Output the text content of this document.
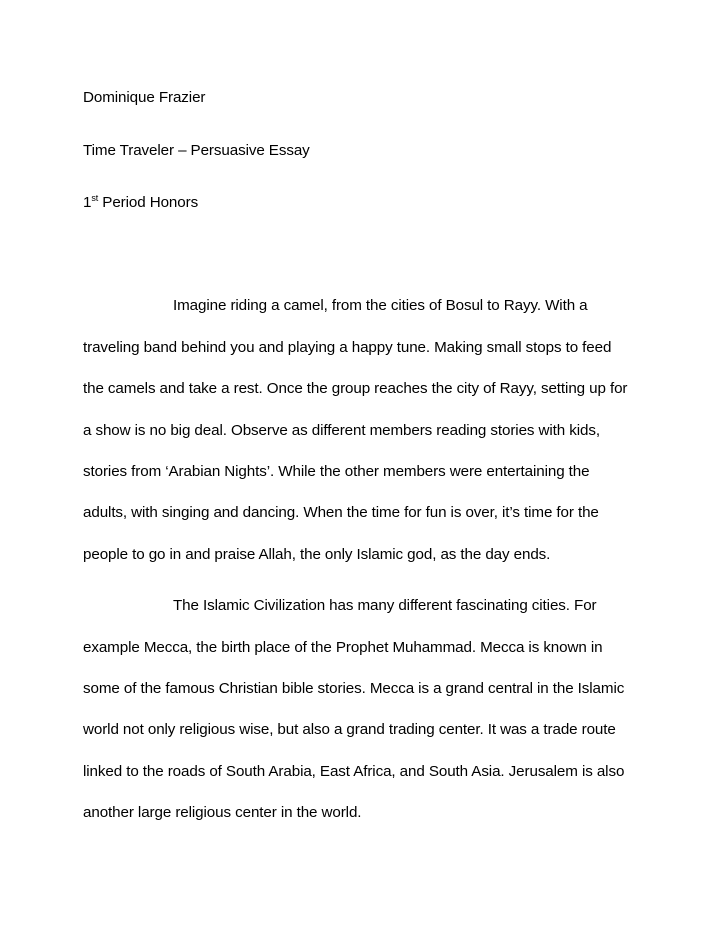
Dominique Frazier
Time Traveler – Persuasive Essay
1st Period Honors
Imagine riding a camel, from the cities of Bosul to Rayy. With a
traveling band behind you and playing a happy tune. Making small stops to feed
the camels and take a rest. Once the group reaches the city of Rayy, setting up for
a show is no big deal. Observe as different members reading stories with kids,
stories from ‘Arabian Nights’. While the other members were entertaining the
adults, with singing and dancing. When the time for fun is over, it’s time for the
people to go in and praise Allah, the only Islamic god, as the day ends.
The Islamic Civilization has many different fascinating cities. For
example Mecca, the birth place of the Prophet Muhammad. Mecca is known in
some of the famous Christian bible stories. Mecca is a grand central in the Islamic
world not only religious wise, but also a grand trading center. It was a trade route
linked to the roads of South Arabia, East Africa, and South Asia. Jerusalem is also
another large religious center in the world.
